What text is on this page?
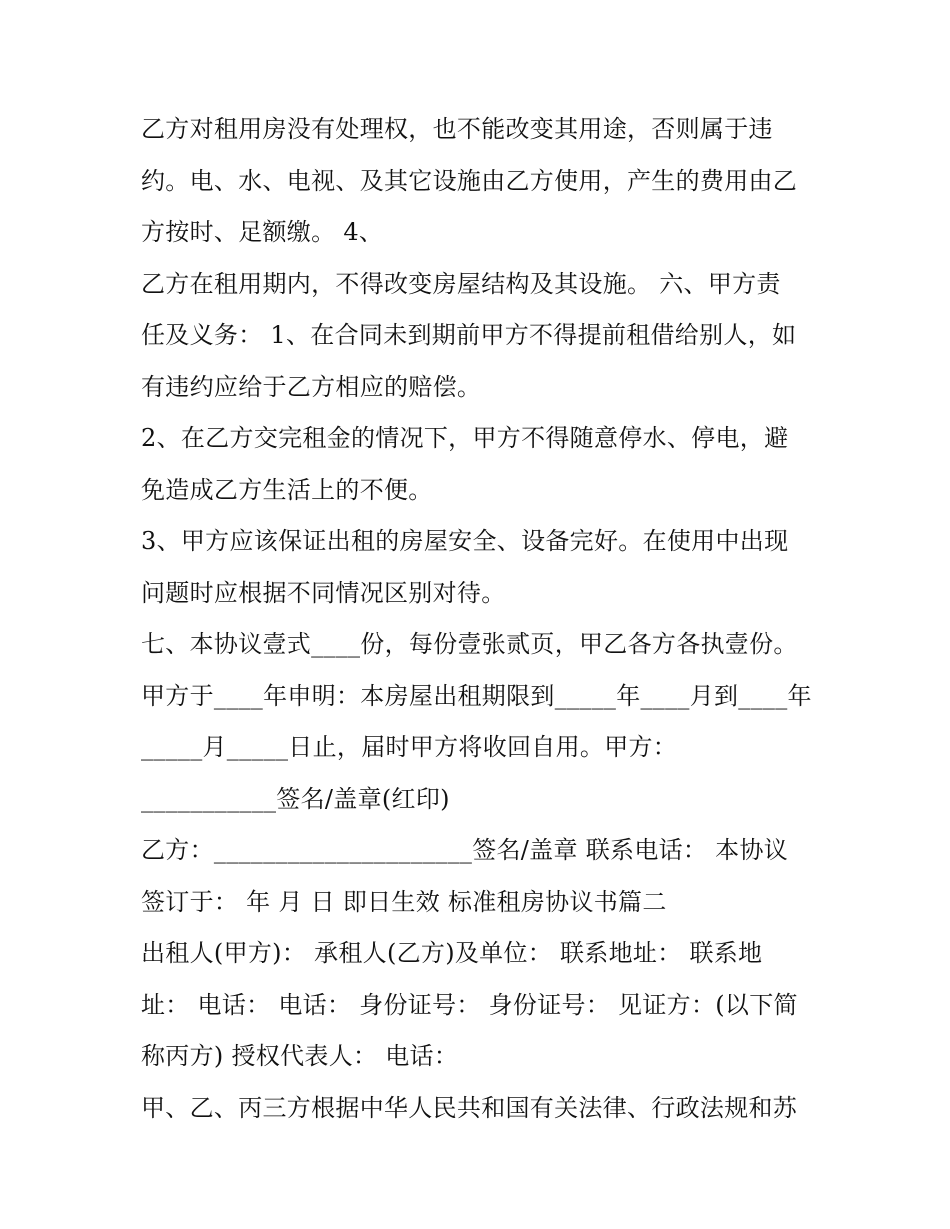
乙方对租用房没有处理权，也不能改变其用途，否则属于违
约。电、水、电视、及其它设施由乙方使用，产生的费用由乙
方按时、足额缴。 4、
乙方在租用期内，不得改变房屋结构及其设施。 六、甲方责
任及义务： 1、在合同未到期前甲方不得提前租借给别人，如
有违约应给于乙方相应的赔偿。
2、在乙方交完租金的情况下，甲方不得随意停水、停电，避
免造成乙方生活上的不便。
3、甲方应该保证出租的房屋安全、设备完好。在使用中出现
问题时应根据不同情况区别对待。
七、本协议壹式____份，每份壹张贰页，甲乙各方各执壹份。
甲方于____年申明：本房屋出租期限到_____年____月到____年
_____月_____日止，届时甲方将收回自用。甲方：
___________签名/盖章(红印)
乙方：_____________________签名/盖章 联系电话： 本协议
签订于： 年 月 日 即日生效 标准租房协议书篇二
出租人(甲方)： 承租人(乙方)及单位： 联系地址： 联系地
址： 电话： 电话： 身份证号： 身份证号： 见证方：(以下简
称丙方) 授权代表人： 电话：
甲、乙、丙三方根据中华人民共和国有关法律、行政法规和苏
